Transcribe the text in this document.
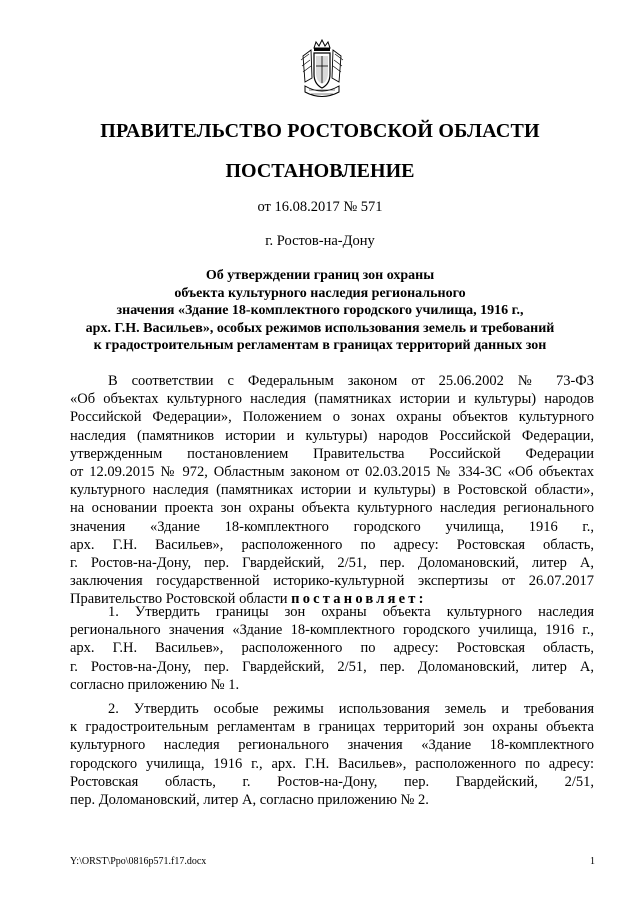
ПРАВИТЕЛЬСТВО РОСТОВСКОЙ ОБЛАСТИ
ПОСТАНОВЛЕНИЕ
от 16.08.2017 № 571
г. Ростов-на-Дону
Об утверждении границ зон охраны
объекта культурного наследия регионального
значения «Здание 18-комплектного городского училища, 1916 г.,
арх. Г.Н. Васильев», особых режимов использования земель и требований
к градостроительным регламентам в границах территорий данных зон
В соответствии с Федеральным законом от 25.06.2002 № 73-ФЗ
«Об объектах культурного наследия (памятниках истории и культуры) народов
Российской Федерации», Положением о зонах охраны объектов культурного
наследия (памятников истории и культуры) народов Российской Федерации,
утвержденным постановлением Правительства Российской Федерации
от 12.09.2015 № 972, Областным законом от 02.03.2015 № 334-ЗС «Об объектах
культурного наследия (памятниках истории и культуры) в Ростовской области»,
на основании проекта зон охраны объекта культурного наследия регионального
значения «Здание 18-комплектного городского училища, 1916 г.,
арх. Г.Н. Васильев», расположенного по адресу: Ростовская область,
г. Ростов-на-Дону, пер. Гвардейский, 2/51, пер. Доломановский, литер А,
заключения государственной историко-культурной экспертизы от 26.07.2017
Правительство Ростовской области постановляет:
1. Утвердить границы зон охраны объекта культурного наследия
регионального значения «Здание 18-комплектного городского училища, 1916 г.,
арх. Г.Н. Васильев», расположенного по адресу: Ростовская область,
г. Ростов-на-Дону, пер. Гвардейский, 2/51, пер. Доломановский, литер А,
согласно приложению № 1.
2. Утвердить особые режимы использования земель и требования
к градостроительным регламентам в границах территорий зон охраны объекта
культурного наследия регионального значения «Здание 18-комплектного
городского училища, 1916 г., арх. Г.Н. Васильев», расположенного по адресу:
Ростовская область, г. Ростов-на-Дону, пер. Гвардейский, 2/51,
пер. Доломановский, литер А, согласно приложению № 2.
Y:\ORST\Ppo\0816p571.f17.docx	1
